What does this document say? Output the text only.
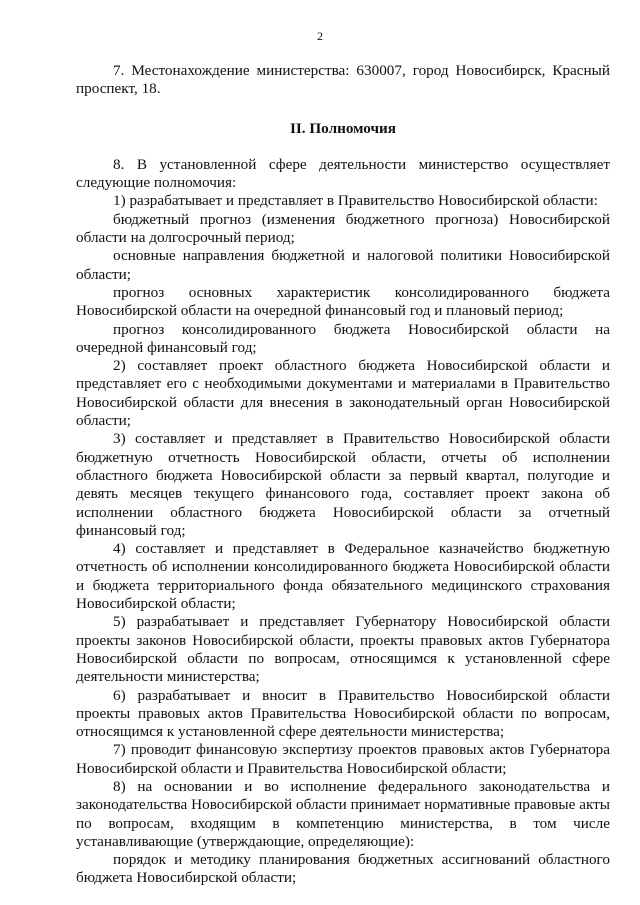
2

7. Местонахождение министерства: 630007, город Новосибирск, Красный проспект, 18.

II. Полномочия

8. В установленной сфере деятельности министерство осуществляет следующие полномочия:

1) разрабатывает и представляет в Правительство Новосибирской области:

бюджетный прогноз (изменения бюджетного прогноза) Новосибирской области на долгосрочный период;

основные направления бюджетной и налоговой политики Новосибирской области;

прогноз основных характеристик консолидированного бюджета Новосибирской области на очередной финансовый год и плановый период;

прогноз консолидированного бюджета Новосибирской области на очередной финансовый год;

2) составляет проект областного бюджета Новосибирской области и представляет его с необходимыми документами и материалами в Правительство Новосибирской области для внесения в законодательный орган Новосибирской области;

3) составляет и представляет в Правительство Новосибирской области бюджетную отчетность Новосибирской области, отчеты об исполнении областного бюджета Новосибирской области за первый квартал, полугодие и девять месяцев текущего финансового года, составляет проект закона об исполнении областного бюджета Новосибирской области за отчетный финансовый год;

4) составляет и представляет в Федеральное казначейство бюджетную отчетность об исполнении консолидированного бюджета Новосибирской области и бюджета территориального фонда обязательного медицинского страхования Новосибирской области;

5) разрабатывает и представляет Губернатору Новосибирской области проекты законов Новосибирской области, проекты правовых актов Губернатора Новосибирской области по вопросам, относящимся к установленной сфере деятельности министерства;

6) разрабатывает и вносит в Правительство Новосибирской области проекты правовых актов Правительства Новосибирской области по вопросам, относящимся к установленной сфере деятельности министерства;

7) проводит финансовую экспертизу проектов правовых актов Губернатора Новосибирской области и Правительства Новосибирской области;

8) на основании и во исполнение федерального законодательства и законодательства Новосибирской области принимает нормативные правовые акты по вопросам, входящим в компетенцию министерства, в том числе устанавливающие (утверждающие, определяющие):

порядок и методику планирования бюджетных ассигнований областного бюджета Новосибирской области;
